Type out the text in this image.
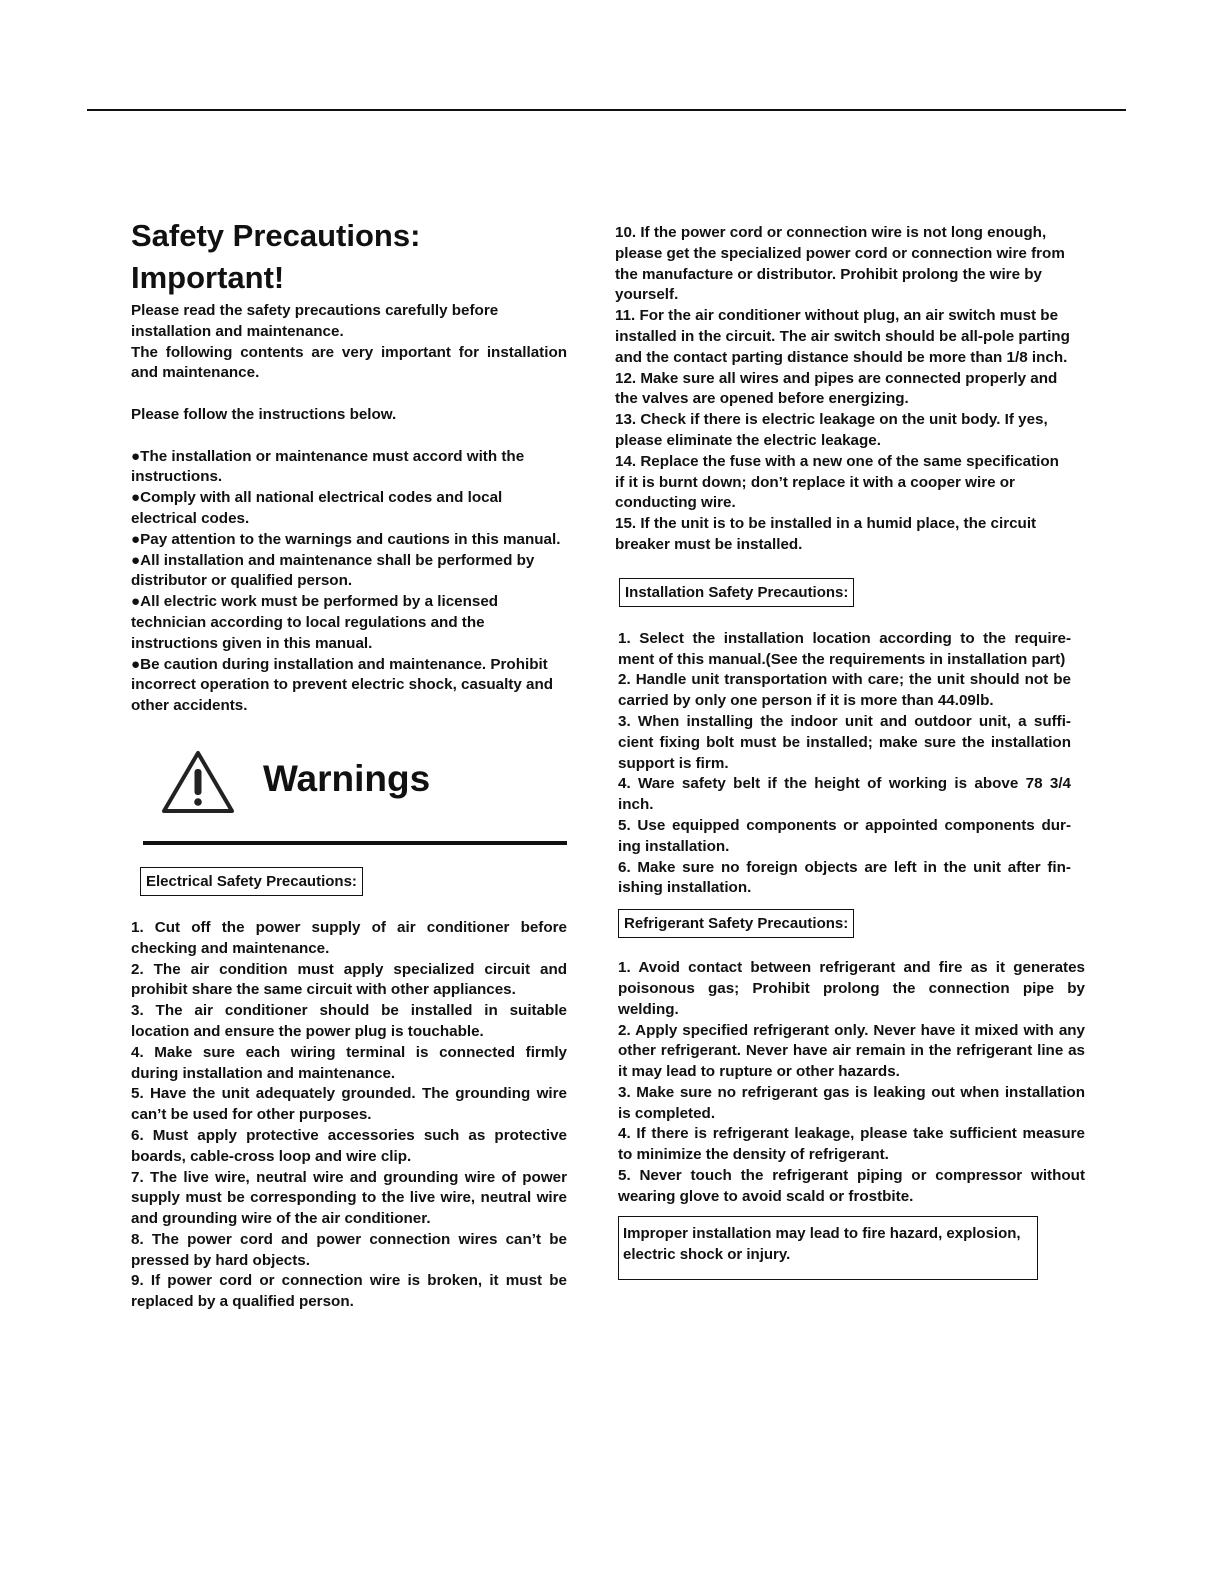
Safety Precautions:
Important!

Please read the safety precautions carefully before installation and maintenance.

The following contents are very important for installation and maintenance.

Please follow the instructions below.

●The installation or maintenance must accord with the instructions.

●Comply with all national electrical codes and local electrical codes.

●Pay attention to the warnings and cautions in this manual.

●All installation and maintenance shall be performed by distributor or qualified person.

●All electric work must be performed by a licensed technician according to local regulations and the instructions given in this manual.

●Be caution during installation and maintenance. Prohibit incorrect operation to prevent electric shock, casualty and other accidents.

Warnings
Electrical Safety Precautions:

1. Cut off the power supply of air conditioner before checking and maintenance.

2. The air condition must apply specialized circuit and prohibit share the same circuit with other appliances.

3. The air conditioner should be installed in suitable location and ensure the power plug is touchable.

4. Make sure each wiring terminal is connected firmly during installation and maintenance.

5. Have the unit adequately grounded. The grounding wire can’t be used for other purposes.

6. Must apply protective accessories such as protective boards, cable-cross loop and wire clip.

7. The live wire, neutral wire and grounding wire of power supply must be corresponding to the live wire, neutral wire and grounding wire of the air conditioner.

8. The power cord and power connection wires can’t be pressed by hard objects.

9. If power cord or connection wire is broken, it must be replaced by a qualified person.

10. If the power cord or connection wire is not long enough, please get the specialized power cord or connection wire from the manufacture or distributor. Prohibit prolong the wire by yourself.

11. For the air conditioner without plug, an air switch must be installed in the circuit. The air switch should be all-pole parting and the contact parting distance should be more than 1/8 inch.

12. Make sure all wires and pipes are connected properly and the valves are opened before energizing.

13. Check if there is electric leakage on the unit body. If yes, please eliminate the electric leakage.

14. Replace the fuse with a new one of the same specification if it is burnt down; don’t replace it with a cooper wire or conducting wire.

15. If the unit is to be installed in a humid place, the circuit breaker must be installed.

Installation Safety Precautions:

1. Select the installation location according to the require-ment of this manual.(See the requirements in installation part)

2. Handle unit transportation with care; the unit should not be carried by only one person if it is more than 44.09lb.

3. When installing the indoor unit and outdoor unit, a suffi-cient fixing bolt must be installed; make sure the installation support is firm.

4. Ware safety belt if the height of working is above 78 3/4 inch.

5. Use equipped components or appointed components dur-ing installation.

6. Make sure no foreign objects are left in the unit after fin-ishing installation.

Refrigerant Safety Precautions:

1. Avoid contact between refrigerant and fire as it generates poisonous gas; Prohibit prolong the connection pipe by welding.

2. Apply specified refrigerant only. Never have it mixed with any other refrigerant. Never have air remain in the refrigerant line as it may lead to rupture or other hazards.

3. Make sure no refrigerant gas is leaking out when installation is completed.

4. If there is refrigerant leakage, please take sufficient measure to minimize the density of refrigerant.

5. Never touch the refrigerant piping or compressor without wearing glove to avoid scald or frostbite.

Improper installation may lead to fire hazard, explosion, electric shock or injury.
